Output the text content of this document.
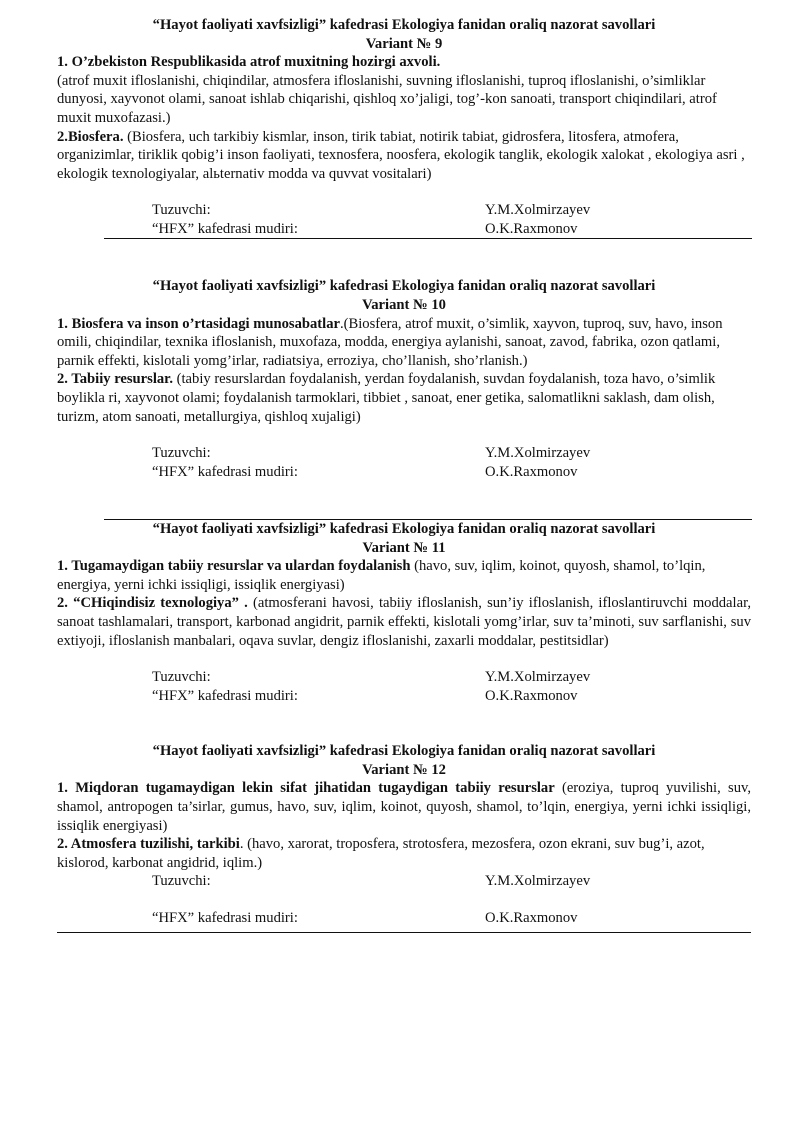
“Hayot faoliyati xavfsizligi” kafedrasi Ekologiya fanidan oraliq nazorat savollari
Variant № 9

1. O’zbekiston Respublikasida atrof muxitning hozirgi axvoli.
(atrof muxit ifloslanishi, chiqindilar, atmosfera ifloslanishi, suvning ifloslanishi, tuproq ifloslanishi, o’simliklar dunyosi, xayvonot olami, sanoat ishlab chiqarishi, qishloq xo’jaligi, tog’-kon sanoati, transport chiqindilari, atrof muxit muxofazasi.)

2.Biosfera. (Biosfera, uch tarkibiy kismlar, inson, tirik tabiat, notirik tabiat, gidrosfera, litosfera, atmofera, organizimlar, tiriklik qobig’i inson faoliyati, texnosfera, noosfera, ekologik tanglik, ekologik xalokat , ekologiya asri , ekologik texnologiyalar, alьternativ modda va quvvat vositalari)

Tuzuvchi:	Y.M.Xolmirzayev
“HFX” kafedrasi mudiri:	O.K.Raxmonov
“Hayot faoliyati xavfsizligi” kafedrasi Ekologiya fanidan oraliq nazorat savollari
Variant № 10

1. Biosfera va inson o’rtasidagi munosabatlar.(Biosfera, atrof muxit, o’simlik, xayvon, tuproq, suv, havo, inson omili, chiqindilar, texnika ifloslanish, muxofaza, modda, energiya aylanishi, sanoat, zavod, fabrika, ozon qatlami, parnik effekti, kislotali yomg’irlar, radiatsiya, erroziya, cho’llanish, sho’rlanish.)

2. Tabiiy resurslar. (tabiy resurslardan foydalanish, yerdan foydalanish, suvdan foydalanish, toza havo, o’simlik boylikla ri, xayvonot olami; foydalanish tarmoklari, tibbiet , sanoat, ener getika, salomatlikni saklash, dam olish, turizm, atom sanoati, metallurgiya, qishloq xujaligi)

Tuzuvchi:	Y.M.Xolmirzayev
“HFX” kafedrasi mudiri:	O.K.Raxmonov
“Hayot faoliyati xavfsizligi” kafedrasi Ekologiya fanidan oraliq nazorat savollari
Variant № 11

1. Tugamaydigan tabiiy resurslar va ulardan foydalanish (havo, suv, iqlim, koinot, quyosh, shamol, to’lqin, energiya, yerni ichki issiqligi, issiqlik energiyasi)

2. “CHiqindisiz texnologiya” . (atmosferani havosi, tabiiy ifloslanish, sun’iy ifloslanish, ifloslantiruvchi moddalar, sanoat tashlamalari, transport, karbonad angidrit, parnik effekti, kislotali yomg’irlar, suv ta’minoti, suv sarflanishi, suv extiyoji, ifloslanish manbalari, oqava suvlar, dengiz ifloslanishi, zaxarli moddalar, pestitsidlar)

Tuzuvchi:	Y.M.Xolmirzayev
“HFX” kafedrasi mudiri:	O.K.Raxmonov
“Hayot faoliyati xavfsizligi” kafedrasi Ekologiya fanidan oraliq nazorat savollari
Variant № 12

1. Miqdoran tugamaydigan lekin sifat jihatidan tugaydigan tabiiy resurslar (eroziya, tuproq yuvilishi, suv, shamol, antropogen ta’sirlar, gumus, havo, suv, iqlim, koinot, quyosh, shamol, to’lqin, energiya, yerni ichki issiqligi, issiqlik energiyasi)

2. Atmosfera tuzilishi, tarkibi. (havo, xarorat, troposfera, strotosfera, mezosfera, ozon ekrani, suv bug’i, azot, kislorod, karbonat angidrid, iqlim.)

Tuzuvchi:	Y.M.Xolmirzayev
“HFX” kafedrasi mudiri:	O.K.Raxmonov
